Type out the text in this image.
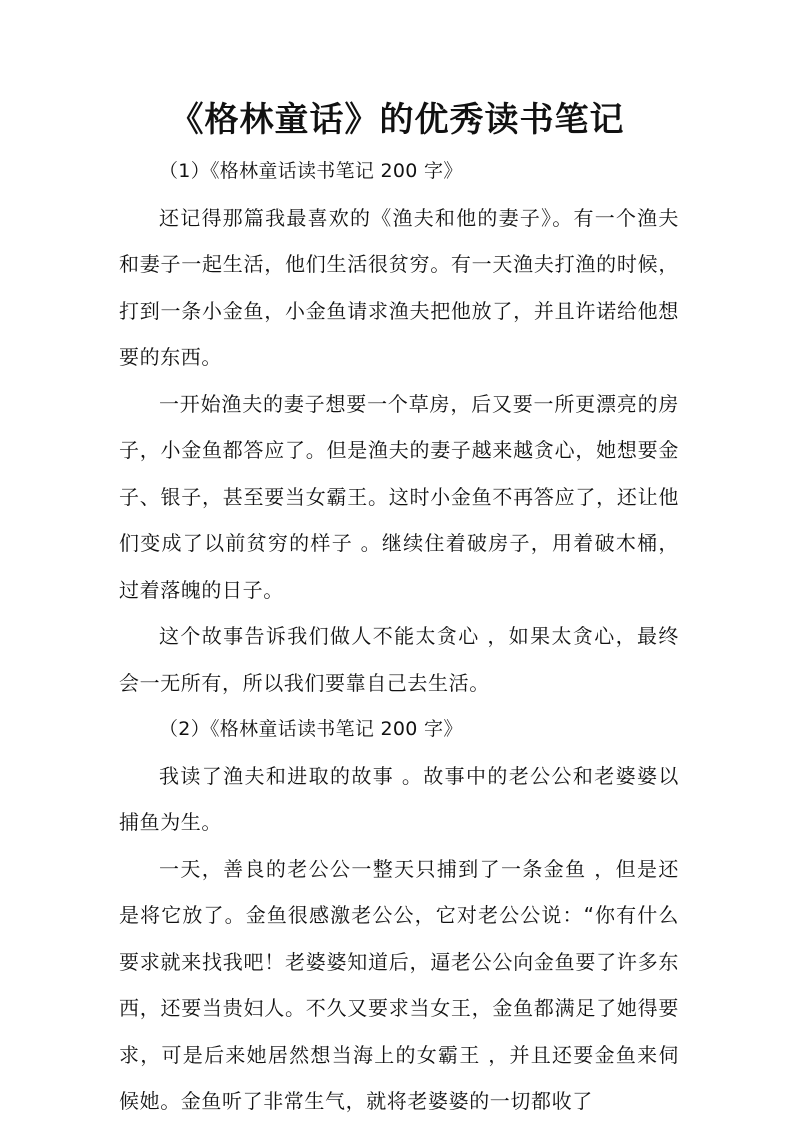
《格林童话》的优秀读书笔记

（1）《格林童话读书笔记 200 字》

还记得那篇我最喜欢的《渔夫和他的妻子》。有一个渔夫和妻子一起生活，他们生活很贫穷。有一天渔夫打渔的时候，打到一条小金鱼，小金鱼请求渔夫把他放了，并且许诺给他想要的东西。

一开始渔夫的妻子想要一个草房，后又要一所更漂亮的房子，小金鱼都答应了。但是渔夫的妻子越来越贪心，她想要金子、银子，甚至要当女霸王。这时小金鱼不再答应了，还让他们变成了以前贫穷的样子 。继续住着破房子，用着破木桶，过着落魄的日子。

这个故事告诉我们做人不能太贪心 ，如果太贪心，最终会一无所有，所以我们要靠自己去生活。

（2）《格林童话读书笔记 200 字》

我读了渔夫和进取的故事 。故事中的老公公和老婆婆以捕鱼为生。

一天，善良的老公公一整天只捕到了一条金鱼 ，但是还是将它放了。金鱼很感激老公公，它对老公公说：“你有什么要求就来找我吧！老婆婆知道后，逼老公公向金鱼要了许多东西，还要当贵妇人。不久又要求当女王，金鱼都满足了她得要求，可是后来她居然想当海上的女霸王 ，并且还要金鱼来伺候她。金鱼听了非常生气，就将老婆婆的一切都收了
